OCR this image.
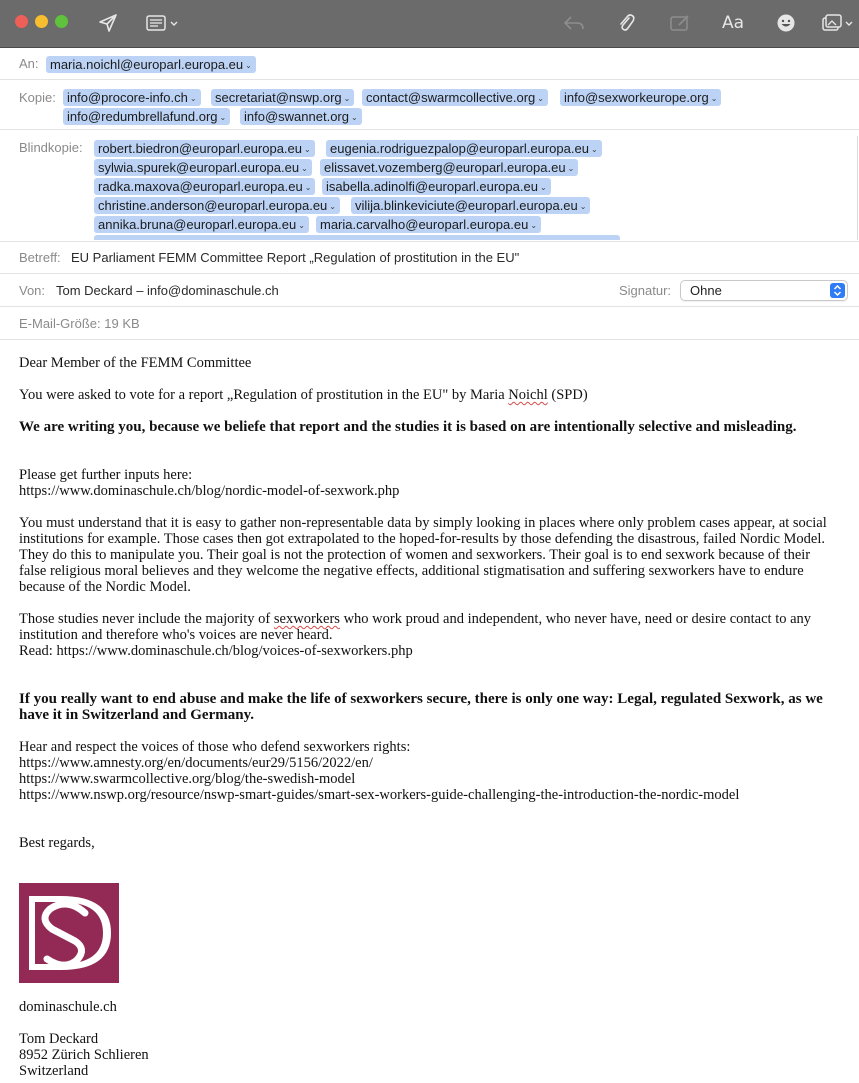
Aa
An: maria.noichl@europarl.europa.eu ⌄
Kopie: info@procore-info.ch ⌄	secretariat@nswp.org ⌄	contact@swarmcollective.org ⌄	info@sexworkeurope.org ⌄
info@redumbrellafund.org ⌄	info@swannet.org ⌄
Blindkopie:	robert.biedron@europarl.europa.eu ⌄	eugenia.rodriguezpalop@europarl.europa.eu ⌄
sylwia.spurek@europarl.europa.eu ⌄	elissavet.vozemberg@europarl.europa.eu ⌄
radka.maxova@europarl.europa.eu ⌄	isabella.adinolfi@europarl.europa.eu ⌄
christine.anderson@europarl.europa.eu ⌄	vilija.blinkeviciute@europarl.europa.eu ⌄
annika.bruna@europarl.europa.eu ⌄	maria.carvalho@europarl.europa.eu ⌄
Betreff: EU Parliament FEMM Committee Report „Regulation of prostitution in the EU"
Von: Tom Deckard – info@dominaschule.ch	Signatur: Ohne
E-Mail-Größe: 19 KB
Dear Member of the FEMM Committee
You were asked to vote for a report „Regulation of prostitution in the EU" by Maria Noichl (SPD)
We are writing you, because we beliefe that report and the studies it is based on are intentionally selective and misleading.
Please get further inputs here:
https://www.dominaschule.ch/blog/nordic-model-of-sexwork.php
You must understand that it is easy to gather non-representable data by simply looking in places where only problem cases appear, at social institutions for example. Those cases then got extrapolated to the hoped-for-results by those defending the disastrous, failed Nordic Model. They do this to manipulate you. Their goal is not the protection of women and sexworkers. Their goal is to end sexwork because of their false religious moral believes and they welcome the negative effects, additional stigmatisation and suffering sexworkers have to endure because of the Nordic Model.
Those studies never include the majority of sexworkers who work proud and independent, who never have, need or desire contact to any institution and therefore who's voices are never heard.
Read: https://www.dominaschule.ch/blog/voices-of-sexworkers.php
If you really want to end abuse and make the life of sexworkers secure, there is only one way: Legal, regulated Sexwork, as we have it in Switzerland and Germany.
Hear and respect the voices of those who defend sexworkers rights:
https://www.amnesty.org/en/documents/eur29/5156/2022/en/
https://www.swarmcollective.org/blog/the-swedish-model
https://www.nswp.org/resource/nswp-smart-guides/smart-sex-workers-guide-challenging-the-introduction-the-nordic-model
Best regards,
dominaschule.ch
Tom Deckard
8952 Zürich Schlieren
Switzerland
